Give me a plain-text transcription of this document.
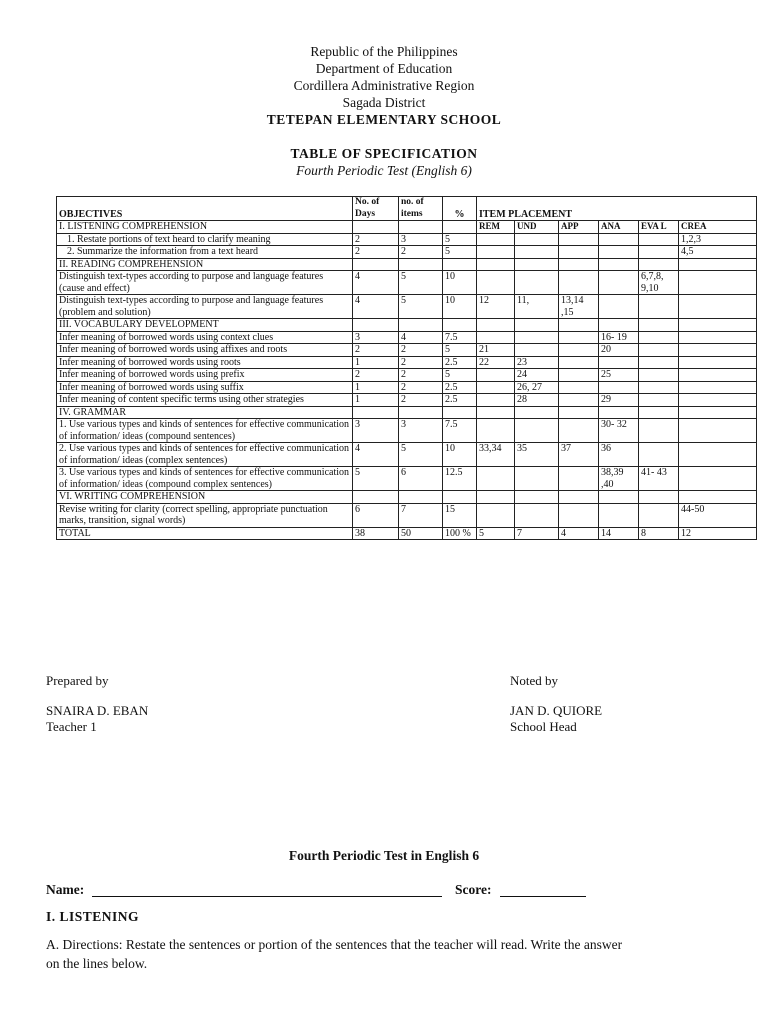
Republic of the Philippines
Department of Education
Cordillera Administrative Region
Sagada District
TETEPAN ELEMENTARY SCHOOL
TABLE OF SPECIFICATION
Fourth Periodic Test (English 6)
OBJECTIVES	No. of Days	no. of items	%	ITEM PLACEMENT					
I. LISTENING COMPREHENSION				REM	UND	APP	ANA	EVA L	CREA
1. Restate portions of text heard to clarify meaning	2	3	5						1,2,3
2. Summarize the information from a text heard	2	2	5						4,5
II. READING COMPREHENSION									
Distinguish text-types according to purpose and language features (cause and effect)	4	5	10					6,7,8, 9,10	
Distinguish text-types according to purpose and language features (problem and solution)	4	5	10	12	11,	13,14 ,15			
III. VOCABULARY DEVELOPMENT									
Infer meaning of borrowed words using context clues	3	4	7.5				16- 19		
Infer meaning of borrowed words using affixes and roots	2	2	5	21			20		
Infer meaning of borrowed words using roots	1	2	2.5	22	23				
Infer meaning of borrowed words using prefix	2	2	5		24		25		
Infer meaning of borrowed words using suffix	1	2	2.5		26, 27				
Infer meaning of content specific terms using other strategies	1	2	2.5		28		29		
IV. GRAMMAR									
1. Use various types and kinds of sentences for effective communication of information/ ideas (compound sentences)	3	3	7.5				30- 32		
2. Use various types and kinds of sentences for effective communication of information/ ideas (complex sentences)	4	5	10	33,34	35	37	36		
3. Use various types and kinds of sentences for effective communication of information/ ideas (compound complex sentences)	5	6	12.5				38,39 ,40	41- 43	
VI. WRITING COMPREHENSION									
Revise writing for clarity (correct spelling, appropriate punctuation marks, transition, signal words)	6	7	15						44-50
TOTAL	38	50	100 %	5	7	4	14	8	12
Prepared by
SNAIRA D. EBAN
Teacher 1
Noted by
JAN D. QUIORE
School Head
Fourth Periodic Test in English 6
Name:	Score:
I. LISTENING
A. Directions: Restate the sentences or portion of the sentences that the teacher will read. Write the answer
on the lines below.
